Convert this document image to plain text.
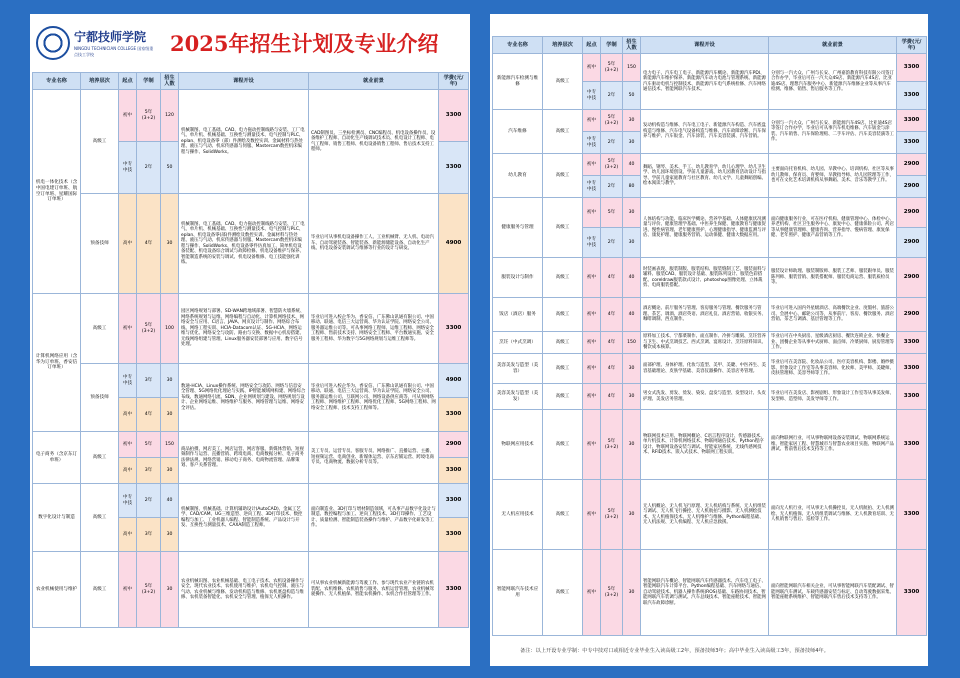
宁都技师学院
NINGDU TECHNICIAN COLLEGE 国家级重点技工学校	2025年招生计划及专业介绍
专业名称	培养层次	起点	学制	招生人数	课程开设	就业前景	学费(元/年)
机电一体化技术（含中国电建订单班、航空订单班、星耀国际订单班）	高级工	初中	5年(3+2)	120	机械制图、电工基础、CAD、电力拖动控制线路与安装、工厂电气、单片机、机械基础、互换性与测量技术、电气控制与PLC、eplan、机电设备零（部）件测绘及数控实训、金属材料与热处理、液压与气动、机床传感器与伺服、Mastercam数控机床编程与操作、SolidWorks。	CAD制图员、三坐标检测员、CNC编程员、机电设备操作员、设备维护工程师、自动化生产线调试技术员、机电设计工程师、电气工程师、销售工程师、机电设备销售工程师、售后技术支持工程师。	3300
		中专中技	2年	50			3300
	预备技师	高中	4年	30	机械制图、电工基础、CAD、电力拖动控制线路与安装、工厂电气、单片机、机械基础、互换性与测量技术、电气控制与PLC、eplan、机电设备零(部)件测绘及数控实训、金属材料与热处理、液压与气动、机床传感器与伺服、Mastercam数控机床编程与操作、SolidWorks、机电设备零件仿真加工、简单机电设备装配、机电设备综合调试与故障检修、机电设备维护与保养、智能制造系统的安装与调试、机电设备维修、电工技能强化训练。	毕业后可从事机电设备操作工人、工业机械臂、无人机、电动汽车、自动驾驶装备、智能装备、新能源储能设备、自动化生产线、机电设备安装调试与维修等行业的设计与研发。	4900
计算机网络应用（含华为订单班、香安信订单班）	高级工	初中	5年(3+2)	100	园区网络规划与部署、SD-WAN跨地域部署、智慧防火墙系统、网络系统规划与运维、网络编程与自动化、计算机网络技术、网络安全与应用、C语言、JAVA、网页设计与制作、网络综合布线、网络工程实训、HCIA-Datacom认证、5G-HCIA、网络运维与优化、网络安全与攻防、路由与交换、数据中心机房搭建、无线网络组建与管理、Linux服务器安装部署与应用、数字信号处理。	毕业后可进入校企华为、香安信、广东佛山讯通有限公司、中国移动、联通、电信三大运营商、华为认证学院、网络安全公司、服务器运维公司等。可从事网络工程师、运维工程师、网络安全工程师、售前技术支持、网络安全工程师、平台数通实施、安全服务工程师、华为数字与5G网络规划与运维工程师等。	3300
	预备技师	中专中技	3年	30	数通-HCIA、Linux操作系统、网络安全与攻防、网络与信息安全管理、5G网络优化理论与实践、IP智能城域网构建、网络综合布线、数通网络引流、SDN、企业网规划与建设、网络规划与设计、企业网络运维、网络维护与服务、网络管理与运维、网络安全评估。	毕业后可进入校企华为、香安信、广东佛山讯通有限公司、中国移动、联通、电信三大运营商、华为认证学院、网络安全公司、服务器运维公司、互联网公司、网络设备供应商等，可从事网络工程师、网络维护工程师、网络优化工程师、5G网络工程师、网络安全工程师、技术支持工程师等。	4900
		高中	4年	30			3300
电子商务（含京东订单班）	高级工	初中	5年	150	商品拍摄、网店美工、网店运营、网店客服、新媒体营销、短视频制作与运营、直播营销、跨境电商、电商数据分析、电子商务法律法规、网络营销、移动电子商务、电商物流管理、品牌策划、客户关系管理。	美工专员、运营专员、客服专员、网络推广、直播运营、主播、短视频运营、电商创业、新媒体运营、京东店铺运营、跨境电商专员、电商物流、数据分析专员等。	2900
		高中	3年	30			3300
数字化设计与制造	高级工	中专中技	2年	40	机械制图、机械基础、计算机辅助设计(AutoCAD)、金属工艺学、CAD/CAM、UG三维造型、逆向工程、3D打印技术、数控编程与加工、工业机器人编程、智能制造系统、产品设计与开发、互换性与测量技术、CAXA制造工程师。	面向制造业、3D打印与增材制造领域，可从事产品数字化设计与制造、数控编程与加工、逆向工程技术、3D打印操作、工艺设计、质量检测、智能制造装备操作与维护、产品数字化研发等工作。	3300
		高中	3年	30			3300
农业机械使用与维护	高级工	初中	5年(3+2)	30	农业机械识图、农业机械基础、电工电子技术、农机设备操作与安全、现代农业技术、农机使用与维护、农机电气控制、液压与气动、农业机械与维修、发动机构造与维修、农机底盘构造与维修、农机装备智能化、农机安全与管理、植保无人机操作。	可从事农业机械新能源与驾驶工作、参与现代农业产业链的农机装配、农机维修、农机销售与服务、农机运营管理、农业机械驾驶操作、无人机植保、智能农机操作、农机合作社管理等工作。	3300
专业名称	培养层次	起点	学制	招生人数	课程开设	就业前景	学费(元/年)
新能源汽车检测与维修	高级工	初中	5年(3+2)	150	电力电子、汽车电工电子、新能源汽车概论、新能源汽车PDI、新能源汽车维护保养、新能源汽车动力电池与管理系统、新能源汽车驱动电机与控制技术、新能源汽车电气系统检修、汽车网络通信技术、智能网联汽车技术。	分别与一汽大众、广州与长安、广州嘉韵教育科技有限公司签订合作办学，毕业后可在一汽大众4S店、新能源汽车4S店、比亚迪4S店、理想汽车服务中心、新能源汽车维修企业等从事汽车检测、维修、销售、售后服务等工作。	3300
		中专中技	2年	50			3300
汽车维修	高级工	初中	5年(3+2)	30	发动机构造与维修、汽车电工电子、新能源汽车构造、汽车底盘构造与维修、汽车电气设备构造与维修、汽车故障诊断、汽车保养与维护、汽车钣金、汽车涂装、汽车美容装潢、汽车营销。	分别与一汽大众、广州与长安、新能源汽车4S店、比亚迪4S店等签订合作办学，毕业后可从事汽车机电维修、汽车钣金与涂装、汽车销售、汽车保险理赔、二手车评估、汽车美容装潢等工作。	3300
		中专中技	2年	30			3300
幼儿教育	高级工	初中	5年(3+2)	40	舞蹈、钢琴、美术、手工、幼儿教育学、幼儿心理学、幼儿卫生学、幼儿园环境创设、学前儿童游戏、幼儿园教育活动设计与指导、学前儿童家庭教育与社区教育、幼儿文学、儿童舞蹈创编、绘本阅读与教学。	主要面向托育机构、幼儿园、早教中心、培训机构、社区等从事幼儿教师、保育员、育婴师、早教指导师、幼儿园管理等工作，也可在文化艺术培训机构从事舞蹈、美术、音乐等教学工作。	2900
		中专中技	2年	80			2900
健康服务与管理	高级工	初中	5年	30	人体结构与功能、临床医学概论、营养学基础、人体健康状况测量与评价、健康管理学基础、中医养生保健、健康教育与健康促进、慢性病管理、老年健康照护、心理健康指导、健康监测与评估、康复护理、健康服务营销、运动保健、健康大数据应用。	面向健康服务行业，可在医疗机构、健康管理中心、体检中心、养老机构、社区卫生服务中心、康复中心、健康保险公司、药店等从事健康管理师、健康咨询、营养指导、慢病管理、康复保健、老年照护、健康产品营销等工作。	2900
		中专中技	2年	30			2900
服装设计与制作	高级工	初中	4年	40	时装画表现、服装制版、服装结构、服装缝制工艺、服装面料与辅料、服装CAD、服装设计基础、服装陈列设计、服装色彩搭配、coreldraw服装款式设计、photoshop图像处理、立体裁剪、电商服装搭配。	服装设计师助理、服装制版师、服装工艺师、服装跟单员、服装陈列师、服装营销、服装搭配师、服装电商运营、服装质检员等。	2900
饭店（酒店）服务	高级工	初中	4年	40	酒店概论、前厅服务与管理、客房服务与管理、餐饮服务与管理、茶艺、调酒、酒店英语、酒店礼仪、酒店营销、收银实务、咖啡调制、西点制作。	毕业后可进入国内外星级酒店、高端餐饮企业、度假村、旅游公司、会展中心、邮轮公司等，从事前厅、客房、餐饮服务、酒店营销、茶艺与调酒、基层管理等工作。	2900
烹饪（中式烹调）	高级工	初中	4年	150	原料加工技术、宁都菜制作、面点制作、冷拼与雕刻、烹饪营养与卫生、中式烹调技艺、西式烹调、宴席设计、烹饪原料知识、餐饮成本核算。	毕业后可在中央厨房、星级酒店厨房、餐饮连锁企业、快餐企业、团餐企业等从事中式厨师、面点师、冷菜厨师、厨房管理等工作。	3300
美容美发与造型（美容）	高级工	初中	4年	30	面部护理、身体护理、化妆与造型、美甲、美睫、中医养生、美容基础理论、皮肤学基础、美容仪器操作、美容店务管理。	毕业后可在美容院、化妆品公司、医疗美容机构、影楼、婚纱摄影、形象设计工作室等从事美容师、化妆师、美甲师、美睫师、皮肤管理师、美容导师等工作。	3300
美容美发与造型（美发）	高级工	初中	4年	30	男女式洗发、剪发、烫发、染发、盘发与造型、发型设计、头皮护理、美发店务管理。	毕业后可在美发店、影视剧组、形象设计工作室等从事美发师、发型师、造型师、美发导师等工作。	3300
物联网应用技术	高级工	初中	5年(3+2)	30	物联网技术应用、物联网概论、C语言程序设计、传感器技术、单片机技术、计算机网络技术、物联网通信技术、Python程序设计、物联网设备安装与调试、智能家居系统、无线传感网技术、RFID技术、嵌入式技术、物联网工程实训。	面向物联网行业，可从事物联网设备安装调试、物联网系统运维、智能家居工程、智慧城市与智慧农业项目实施、物联网产品测试、售前售后技术支持等工作。	3300
无人机应用技术	高级工	初中	5年(3+2)	30	无人机概论、无人机飞行原理、无人机结构与系统、无人机组装与调试、无人机飞行操控、无人机航拍与摄影、无人机测绘技术、无人机植保技术、无人机维护与维修、Python编程基础、无人机法规、无人机编程、无人机应急救援。	面向无人机行业，可从事无人机操控员、无人机航拍、无人机测绘、无人机植保、无人机组装调试与维修、无人机教育培训、无人机销售与售后、巡检等工作。	3300
智能网联汽车技术应用	高级工	初中	5年(3+2)	30	智能网联汽车概论、智能网联汽车传感器技术、汽车电工电子、智能网联汽车计算平台、Python编程基础、汽车网络与通信、自动驾驶技术、机器人操作系统(ROS)基础、车路协同技术、智能网联汽车装调与测试、汽车总线技术、智能座舱技术、智能网联汽车故障诊断。	面向智能网联汽车相关企业，可从事智能网联汽车装配调试、智能网联汽车测试、车载传感器安装与标定、自动驾驶数据采集、智能座舱系统维护、智能网联汽车售后技术支持等工作。	3300
备注：以上开设专业学制：中专中技对口或相近专业毕业生入读高级工2年，预备技师3年；高中毕业生入读高级工3年，预备技师4年。
